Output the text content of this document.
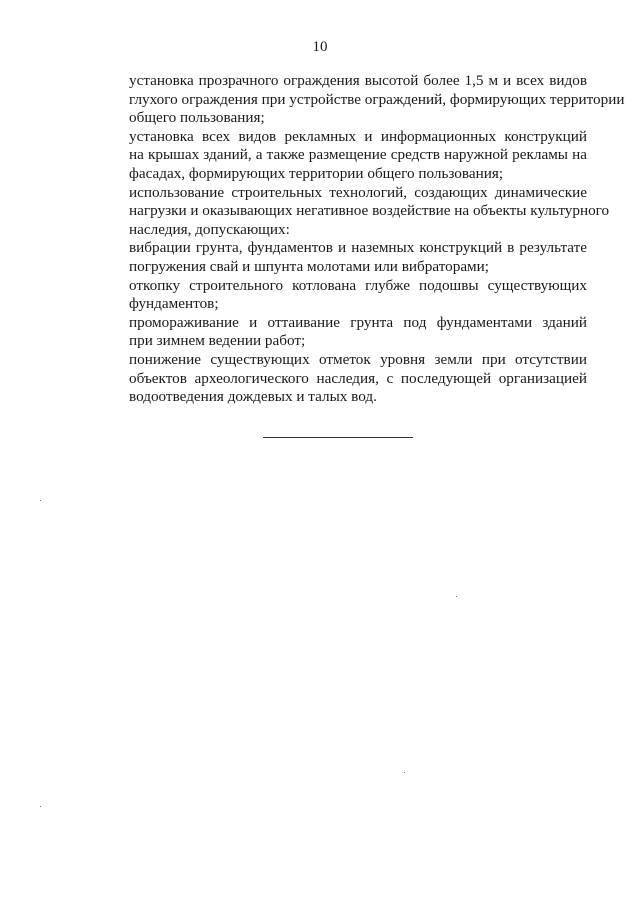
10

установка прозрачного ограждения высотой более 1,5 м и всех видов
глухого ограждения при устройстве ограждений, формирующих территории
общего пользования;

установка всех видов рекламных и информационных конструкций
на крышах зданий, а также размещение средств наружной рекламы на
фасадах, формирующих территории общего пользования;

использование строительных технологий, создающих динамические
нагрузки и оказывающих негативное воздействие на объекты культурного
наследия, допускающих:

вибрации грунта, фундаментов и наземных конструкций в результате
погружения свай и шпунта молотами или вибраторами;

откопку строительного котлована глубже подошвы существующих
фундаментов;

промораживание и оттаивание грунта под фундаментами зданий
при зимнем ведении работ;

понижение существующих отметок уровня земли при отсутствии
объектов археологического наследия, с последующей организацией
водоотведения дождевых и талых вод.
